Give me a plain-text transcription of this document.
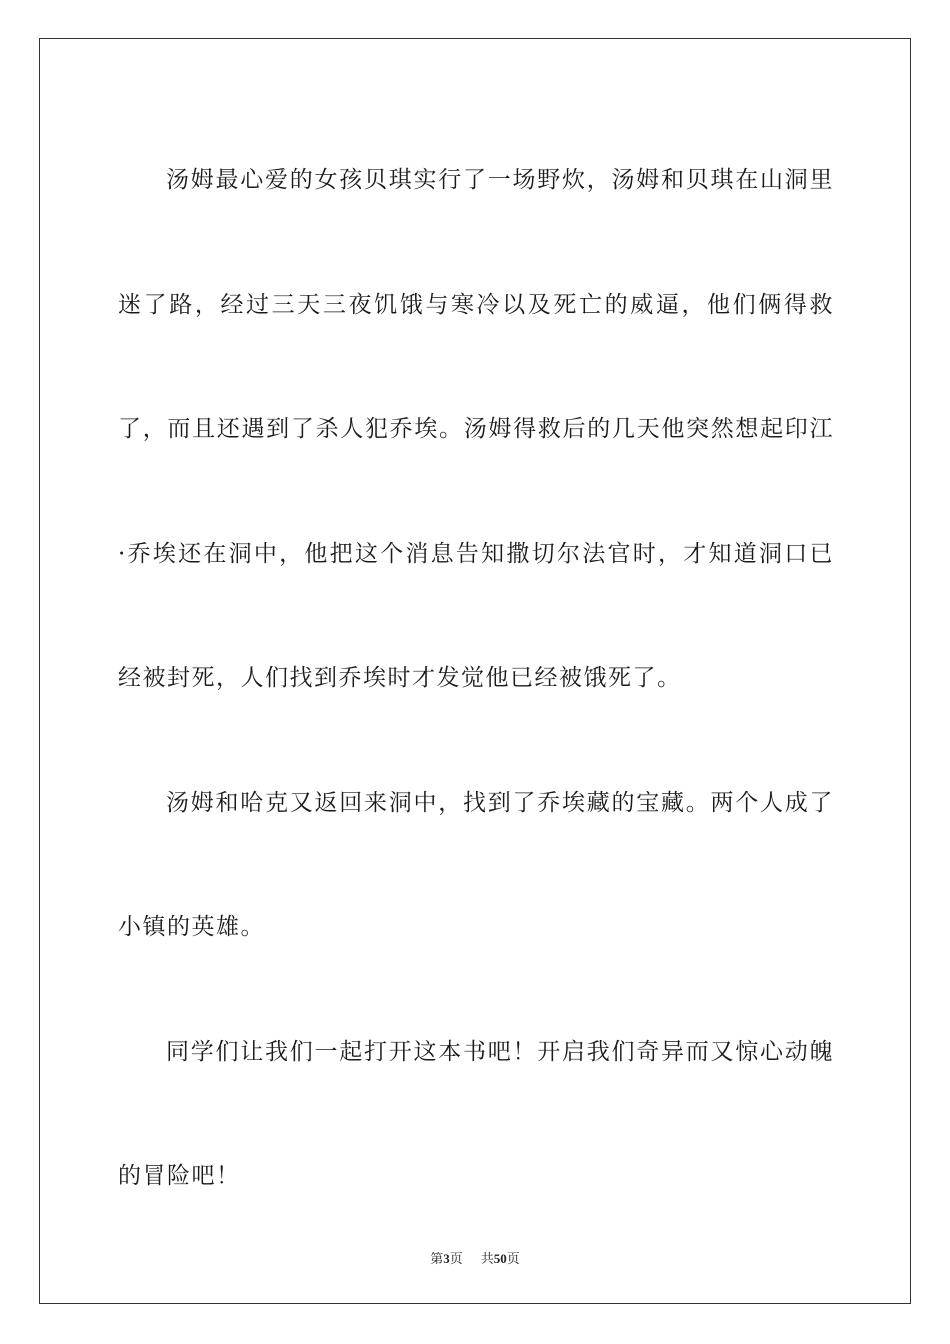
汤姆最心爱的女孩贝琪实行了一场野炊，汤姆和贝琪在山洞里迷了路，经过三天三夜饥饿与寒冷以及死亡的威逼，他们俩得救了，而且还遇到了杀人犯乔埃。汤姆得救后的几天他突然想起印江·乔埃还在洞中，他把这个消息告知撒切尔法官时，才知道洞口已经被封死，人们找到乔埃时才发觉他已经被饿死了。

汤姆和哈克又返回来洞中，找到了乔埃藏的宝藏。两个人成了小镇的英雄。

同学们让我们一起打开这本书吧！开启我们奇异而又惊心动魄的冒险吧！

第3页 共50页
